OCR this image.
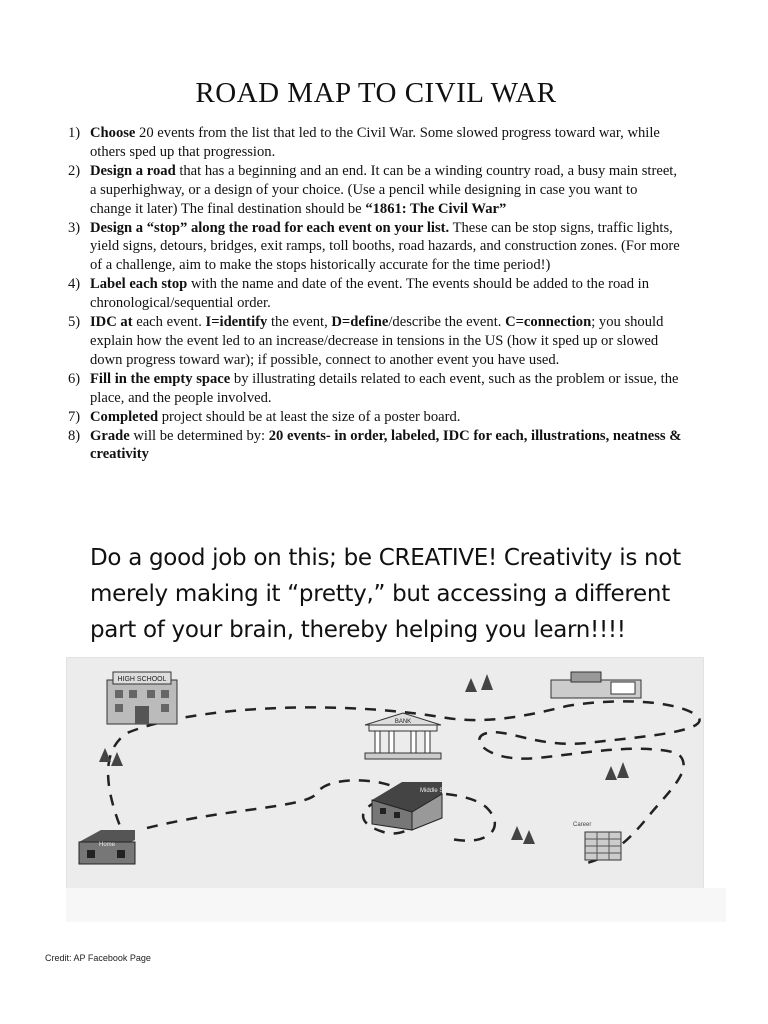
ROAD MAP TO CIVIL WAR
1) Choose 20 events from the list that led to the Civil War. Some slowed progress toward war, while others sped up that progression.
2) Design a road that has a beginning and an end. It can be a winding country road, a busy main street, a superhighway, or a design of your choice. (Use a pencil while designing in case you want to change it later) The final destination should be “1861: The Civil War”
3) Design a “stop” along the road for each event on your list. These can be stop signs, traffic lights, yield signs, detours, bridges, exit ramps, toll booths, road hazards, and construction zones. (For more of a challenge, aim to make the stops historically accurate for the time period!)
4) Label each stop with the name and date of the event. The events should be added to the road in chronological/sequential order.
5) IDC at each event. I=identify the event, D=define/describe the event. C=connection; you should explain how the event led to an increase/decrease in tensions in the US (how it sped up or slowed down progress toward war); if possible, connect to another event you have used.
6) Fill in the empty space by illustrating details related to each event, such as the problem or issue, the place, and the people involved.
7) Completed project should be at least the size of a poster board.
8) Grade will be determined by: 20 events- in order, labeled, IDC for each, illustrations, neatness & creativity

Do a good job on this; be CREATIVE! Creativity is not merely making it “pretty,” but accessing a different part of your brain, thereby helping you learn!!!!

HIGH SCHOOL
BANK
Middle School
Home
Career

Credit: AP Facebook Page
